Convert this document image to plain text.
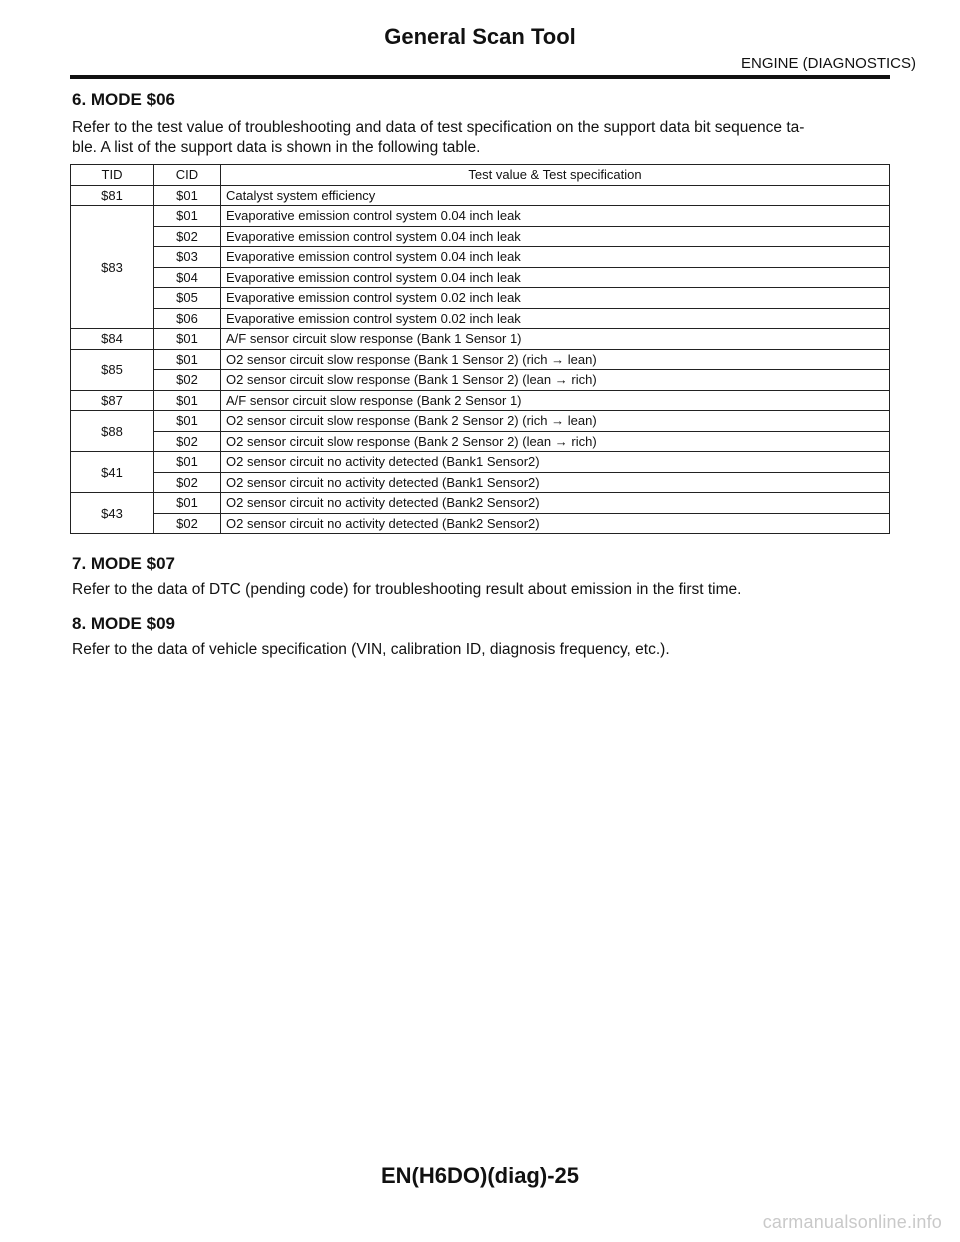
General Scan Tool
ENGINE (DIAGNOSTICS)
6. MODE $06
Refer to the test value of troubleshooting and data of test specification on the support data bit sequence ta-
ble. A list of the support data is shown in the following table.
TID	CID	Test value & Test specification
$81	$01	Catalyst system efficiency
$83	$01	Evaporative emission control system 0.04 inch leak
	$02	Evaporative emission control system 0.04 inch leak
	$03	Evaporative emission control system 0.04 inch leak
	$04	Evaporative emission control system 0.04 inch leak
	$05	Evaporative emission control system 0.02 inch leak
	$06	Evaporative emission control system 0.02 inch leak
$84	$01	A/F sensor circuit slow response (Bank 1 Sensor 1)
$85	$01	O2 sensor circuit slow response (Bank 1 Sensor 2) (rich → lean)
	$02	O2 sensor circuit slow response (Bank 1 Sensor 2) (lean → rich)
$87	$01	A/F sensor circuit slow response (Bank 2 Sensor 1)
$88	$01	O2 sensor circuit slow response (Bank 2 Sensor 2) (rich → lean)
	$02	O2 sensor circuit slow response (Bank 2 Sensor 2) (lean → rich)
$41	$01	O2 sensor circuit no activity detected (Bank1 Sensor2)
	$02	O2 sensor circuit no activity detected (Bank1 Sensor2)
$43	$01	O2 sensor circuit no activity detected (Bank2 Sensor2)
	$02	O2 sensor circuit no activity detected (Bank2 Sensor2)
7. MODE $07
Refer to the data of DTC (pending code) for troubleshooting result about emission in the first time.
8. MODE $09
Refer to the data of vehicle specification (VIN, calibration ID, diagnosis frequency, etc.).
EN(H6DO)(diag)-25
carmanualsonline.info
